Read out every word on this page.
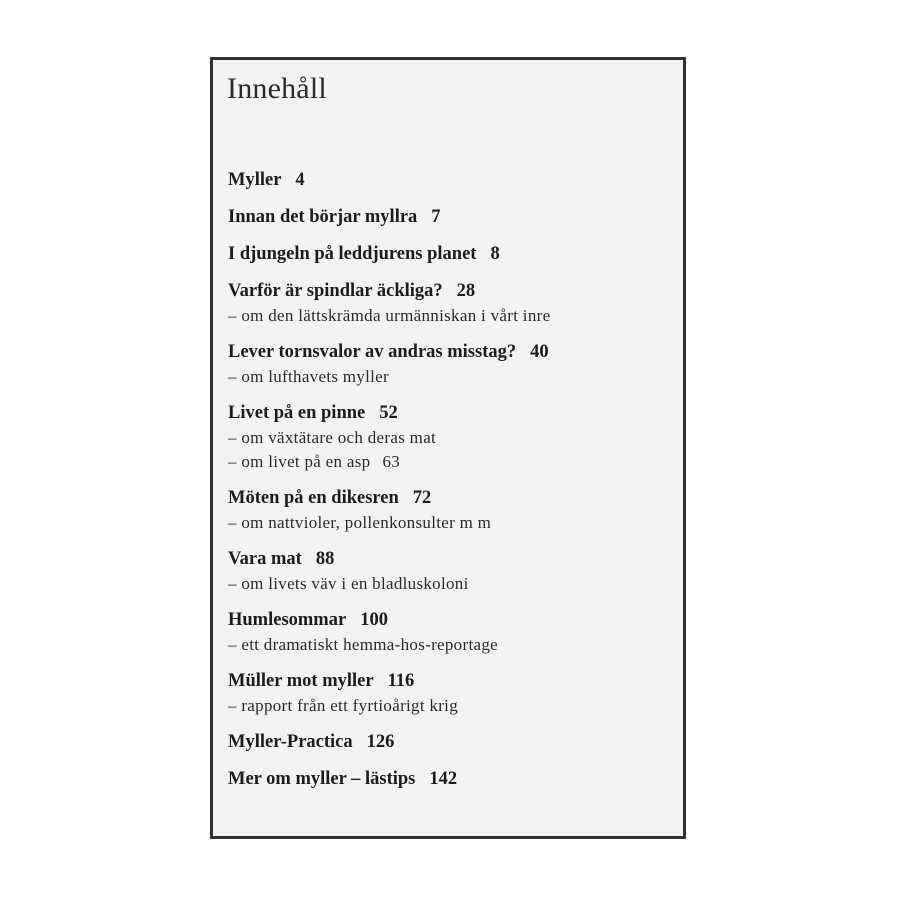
Innehåll
Myller 4
Innan det börjar myllra 7
I djungeln på leddjurens planet 8
Varför är spindlar äckliga? 28
– om den lättskrämda urmänniskan i vårt inre
Lever tornsvalor av andras misstag? 40
– om lufthavets myller
Livet på en pinne 52
– om växtätare och deras mat
– om livet på en asp 63
Möten på en dikesren 72
– om nattvioler, pollenkonsulter m m
Vara mat 88
– om livets väv i en bladluskoloni
Humlesommar 100
– ett dramatiskt hemma-hos-reportage
Müller mot myller 116
– rapport från ett fyrtioårigt krig
Myller-Practica 126
Mer om myller – lästips 142
